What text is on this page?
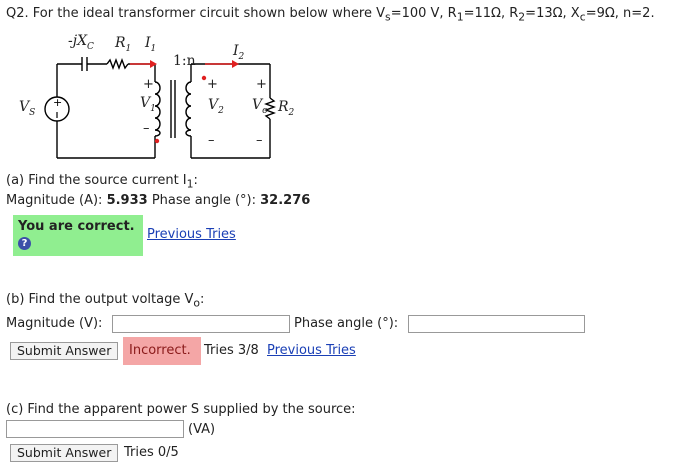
Q2. For the ideal transformer circuit shown below where $V_s=100$ V, $R_1=11\Omega$, $R_2=13\Omega$, $X_c=9\Omega$, n=2.
+
$-jX_C$ $R_1$ $I_1$
1:n
$I_2$
$V_S$
+
$V_1$
–
+
$V_2$
–
+
$V_o$
–
$R_2$
(a) Find the source current $I_1$:
Magnitude (A): 5.933 Phase angle (°): 32.276
You are correct.
?
Previous Tries
(b) Find the output voltage $V_o$:
Magnitude (V):	Phase angle (°):
Submit Answer	Incorrect. Tries 3/8 Previous Tries
(c) Find the apparent power S supplied by the source:
(VA)
Submit Answer Tries 0/5
